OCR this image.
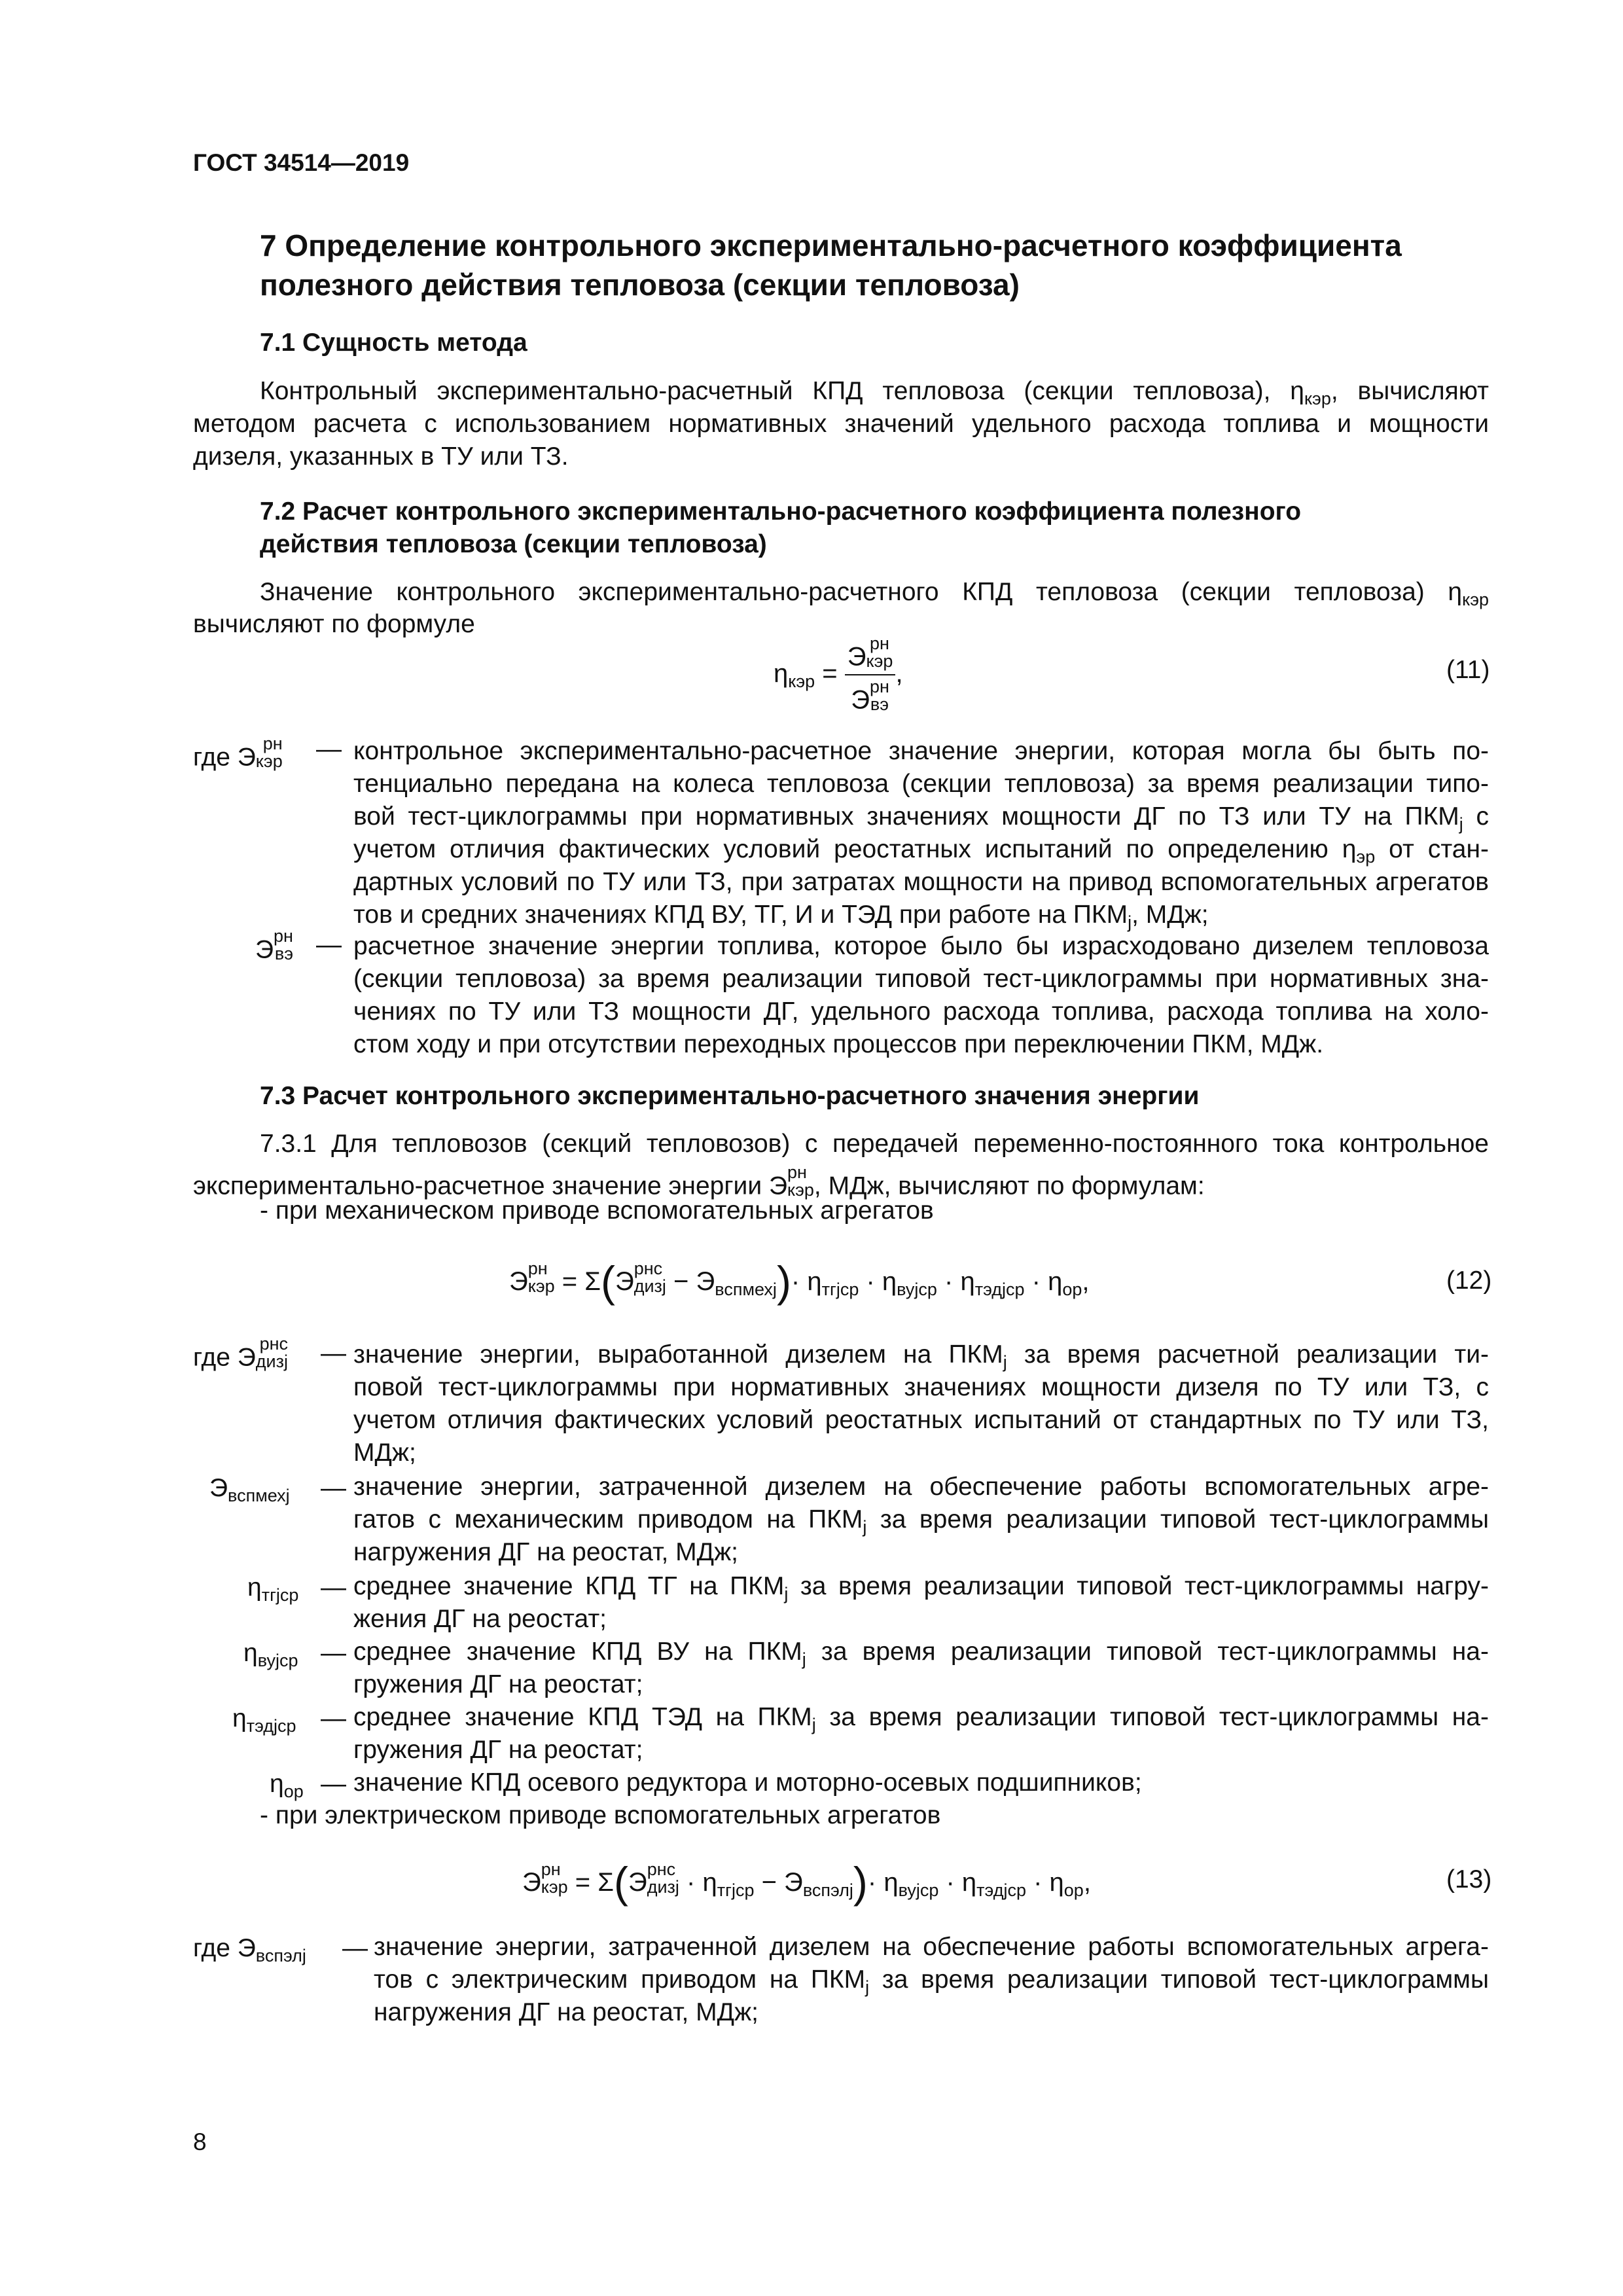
ГОСТ 34514—2019
7 Определение контрольного экспериментально-расчетного коэффициента
полезного действия тепловоза (секции тепловоза)
7.1 Сущность метода
Контрольный экспериментально-расчетный КПД тепловоза (секции тепловоза), $\eta_{кэр}$, вычисляют
методом расчета с использованием нормативных значений удельного расхода топлива и мощности
дизеля, указанных в ТУ или ТЗ.
7.2 Расчет контрольного экспериментально-расчетного коэффициента полезного
действия тепловоза (секции тепловоза)
Значение контрольного экспериментально-расчетного КПД тепловоза (секции тепловоза) $\eta_{кэр}$
вычисляют по формуле
$\eta_{кэр} = Э$ рн
кэр
Э рн
вэ ,	(11)
где Э рн
кэр — контрольное экспериментально-расчетное значение энергии, которая могла бы быть по-
тенциально передана на колеса тепловоза (секции тепловоза) за время реализации типо-
вой тест-циклограммы при нормативных значениях мощности ДГ по ТЗ или ТУ на $ПКМ_j$ с
учетом отличия фактических условий реостатных испытаний по определению $\eta_{эр}$ от стан-
дартных условий по ТУ или ТЗ, при затратах мощности на привод вспомогательных агрегатов
тов и средних значениях КПД ВУ, ТГ, И и ТЭД при работе на $ПКМ_j$, МДж;
Э рн
вэ — расчетное значение энергии топлива, которое было бы израсходовано дизелем тепловоза
(секции тепловоза) за время реализации типовой тест-циклограммы при нормативных зна-
чениях по ТУ или ТЗ мощности ДГ, удельного расхода топлива, расхода топлива на холо-
стом ходу и при отсутствии переходных процессов при переключении ПКМ, МДж.
7.3 Расчет контрольного экспериментально-расчетного значения энергии
7.3.1 Для тепловозов (секций тепловозов) с передачей переменно-постоянного тока контрольное
экспериментально-расчетное значение энергии Э рн
кэр , МДж, вычисляют по формулам:
- при механическом приводе вспомогательных агрегатов
Э рн
кэр = Σ(Э рнс
дизj − $Э_{вспмехj})\cdot \eta_{тгjср} \cdot \eta_{вуjср} \cdot \eta_{тэдjср} \cdot \eta_{ор}$,	(12)
где Э рнс
дизj — значение энергии, выработанной дизелем на $ПКМ_j$ за время расчетной реализации ти-
повой тест-циклограммы при нормативных значениях мощности дизеля по ТУ или ТЗ, с
учетом отличия фактических условий реостатных испытаний от стандартных по ТУ или ТЗ,
МДж;
$Э_{вспмехj}$ — значение энергии, затраченной дизелем на обеспечение работы вспомогательных агре-
гатов с механическим приводом на $ПКМ_j$ за время реализации типовой тест-циклограммы
нагружения ДГ на реостат, МДж;
$\eta_{тгjср}$ — среднее значение КПД ТГ на $ПКМ_j$ за время реализации типовой тест-циклограммы нагру-
жения ДГ на реостат;
$\eta_{вуjср}$ — среднее значение КПД ВУ на $ПКМ_j$ за время реализации типовой тест-циклограммы на-
гружения ДГ на реостат;
$\eta_{тэдjср}$ — среднее значение КПД ТЭД на $ПКМ_j$ за время реализации типовой тест-циклограммы на-
гружения ДГ на реостат;
$\eta_{ор}$ — значение КПД осевого редуктора и моторно-осевых подшипников;
- при электрическом приводе вспомогательных агрегатов
Э рн
кэр = Σ(Э рнс
дизj · $\eta_{тгjср} - Э_{вспэлj})\cdot \eta_{вуjср} \cdot \eta_{тэдjср} \cdot \eta_{ор}$,	(13)
где $Э_{вспэлj}$ — значение энергии, затраченной дизелем на обеспечение работы вспомогательных агрега-
тов с электрическим приводом на $ПКМ_j$ за время реализации типовой тест-циклограммы
нагружения ДГ на реостат, МДж;
8
